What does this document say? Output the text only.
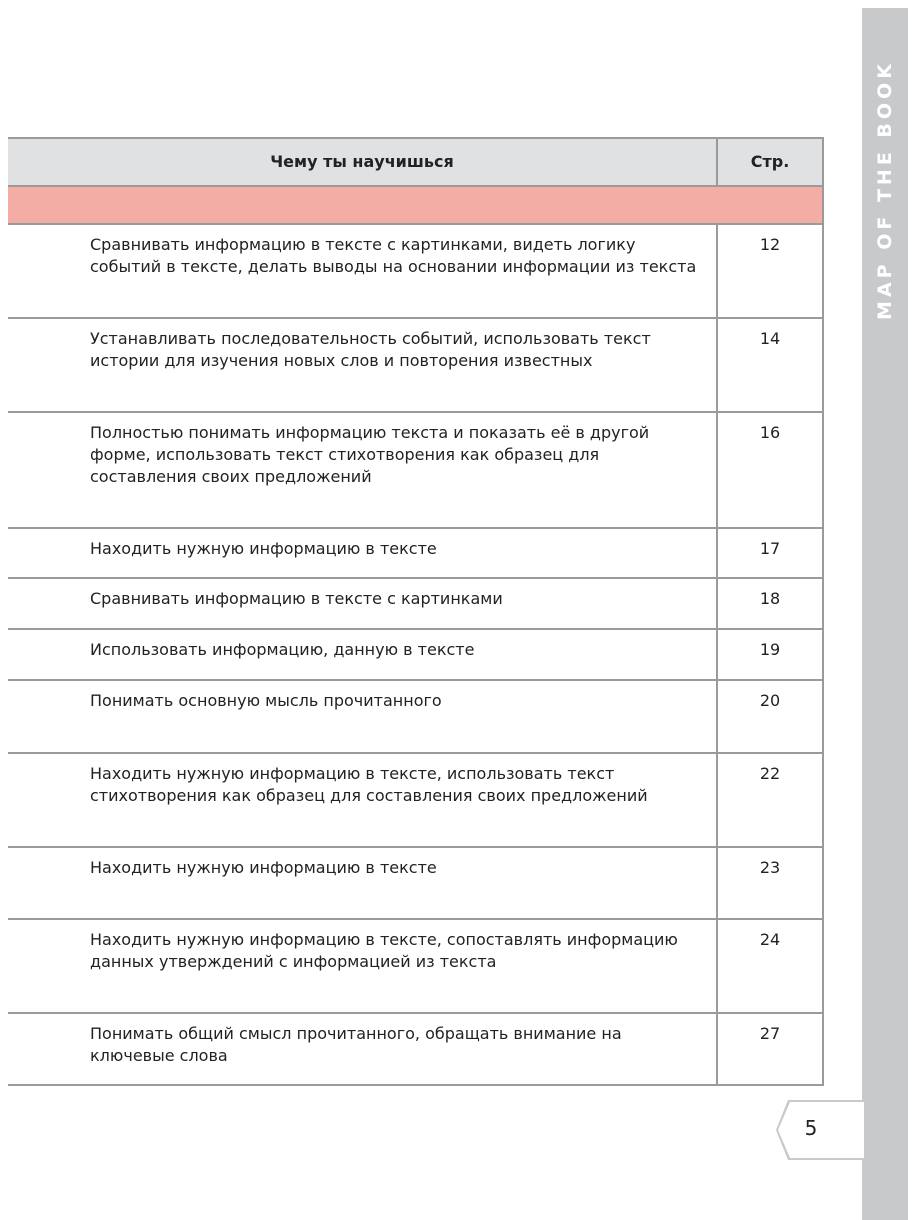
MAP OF THE BOOK
Чему ты научишься	Стр.

Сравнивать информацию в тексте с картинками, видеть логику событий в тексте, делать выводы на основании информации из текста	12
Устанавливать последовательность событий, использовать текст истории для изучения новых слов и повторения известных	14
Полностью понимать информацию текста и показать её в другой форме, использовать текст стихотворения как образец для составления своих предложений	16
Находить нужную информацию в тексте	17
Сравнивать информацию в тексте с картинками	18
Использовать информацию, данную в тексте	19
Понимать основную мысль прочитанного	20
Находить нужную информацию в тексте, использовать текст стихотворения как образец для составления своих предложений	22
Находить нужную информацию в тексте	23
Находить нужную информацию в тексте, сопоставлять информацию данных утверждений с информацией из текста	24
Понимать общий смысл прочитанного, обращать внимание на ключевые слова	27
5
